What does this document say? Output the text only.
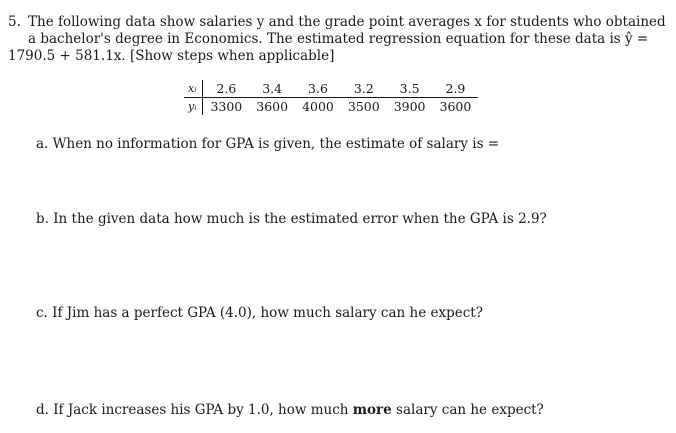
5. The following data show salaries y and the grade point averages x for students who obtained
a bachelor's degree in Economics. The estimated regression equation for these data is ŷ =
1790.5 + 581.1x. [Show steps when applicable]
xᵢ	2.6	3.4	3.6	3.2	3.5	2.9
yᵢ	3300	3600	4000	3500	3900	3600
a. When no information for GPA is given, the estimate of salary is =
b. In the given data how much is the estimated error when the GPA is 2.9?
c. If Jim has a perfect GPA (4.0), how much salary can he expect?
d. If Jack increases his GPA by 1.0, how much more salary can he expect?
